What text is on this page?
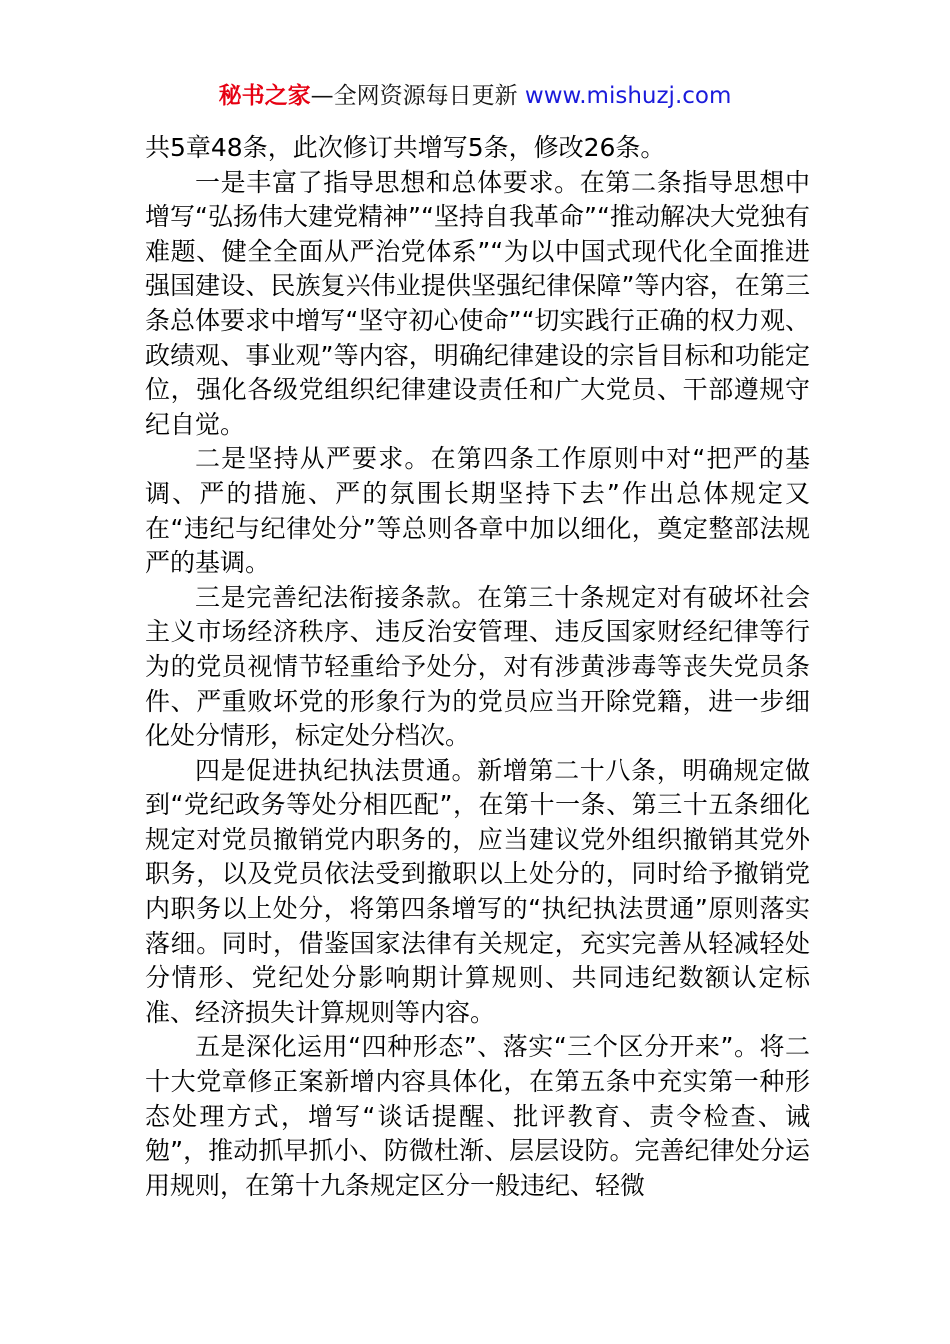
秘书之家—全网资源每日更新 www.mishuzj.com

共5章48条，此次修订共增写5条，修改26条。

一是丰富了指导思想和总体要求。在第二条指导思想中增写“弘扬伟大建党精神”“坚持自我革命”“推动解决大党独有难题、健全全面从严治党体系”“为以中国式现代化全面推进强国建设、民族复兴伟业提供坚强纪律保障”等内容，在第三条总体要求中增写“坚守初心使命”“切实践行正确的权力观、政绩观、事业观”等内容，明确纪律建设的宗旨目标和功能定位，强化各级党组织纪律建设责任和广大党员、干部遵规守纪自觉。

二是坚持从严要求。在第四条工作原则中对“把严的基调、严的措施、严的氛围长期坚持下去”作出总体规定又在“违纪与纪律处分”等总则各章中加以细化，奠定整部法规严的基调。

三是完善纪法衔接条款。在第三十条规定对有破坏社会主义市场经济秩序、违反治安管理、违反国家财经纪律等行为的党员视情节轻重给予处分，对有涉黄涉毒等丧失党员条件、严重败坏党的形象行为的党员应当开除党籍，进一步细化处分情形，标定处分档次。

四是促进执纪执法贯通。新增第二十八条，明确规定做到“党纪政务等处分相匹配”，在第十一条、第三十五条细化规定对党员撤销党内职务的，应当建议党外组织撤销其党外职务，以及党员依法受到撤职以上处分的，同时给予撤销党内职务以上处分，将第四条增写的“执纪执法贯通”原则落实落细。同时，借鉴国家法律有关规定，充实完善从轻减轻处分情形、党纪处分影响期计算规则、共同违纪数额认定标准、经济损失计算规则等内容。

五是深化运用“四种形态”、落实“三个区分开来”。将二十大党章修正案新增内容具体化，在第五条中充实第一种形态处理方式，增写“谈话提醒、批评教育、责令检查、诫勉”，推动抓早抓小、防微杜渐、层层设防。完善纪律处分运用规则，在第十九条规定区分一般违纪、轻微
